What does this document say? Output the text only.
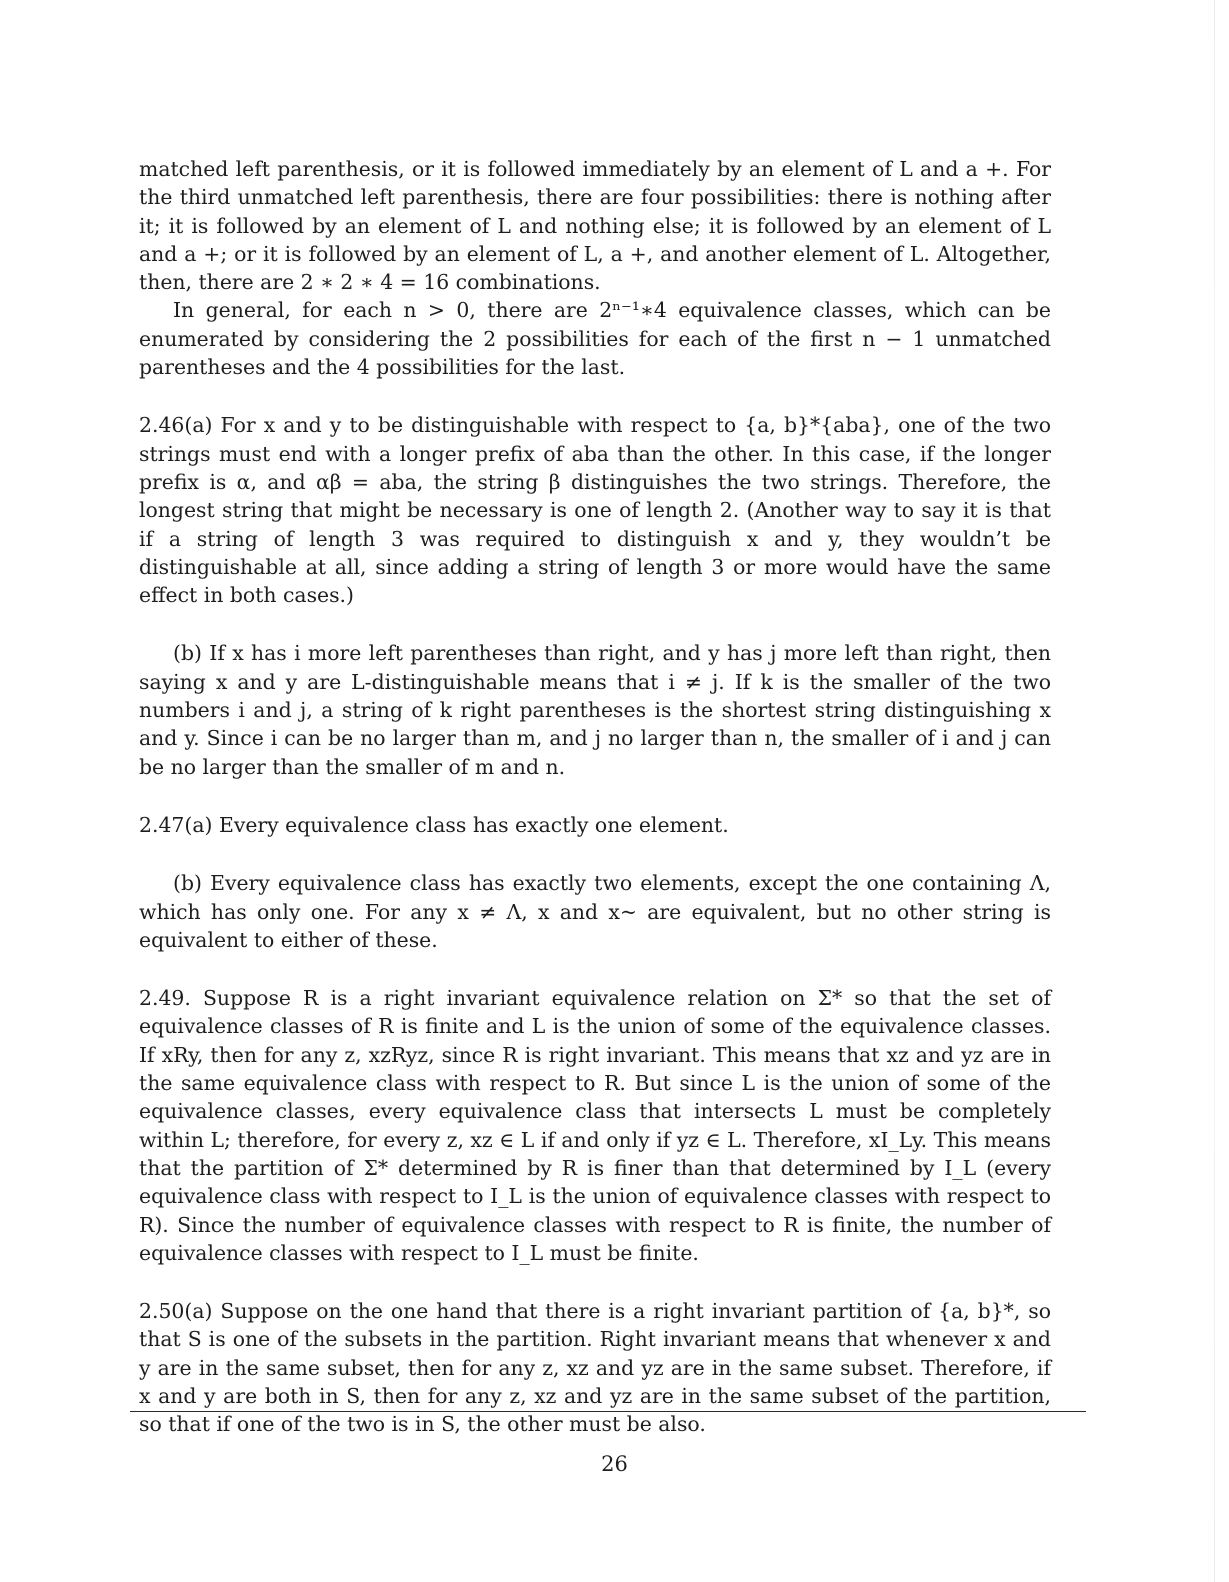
matched left parenthesis, or it is followed immediately by an element of L and a +. For the third unmatched left parenthesis, there are four possibilities: there is nothing after it; it is followed by an element of L and nothing else; it is followed by an element of L and a +; or it is followed by an element of L, a +, and another element of L. Altogether, then, there are 2 ∗ 2 ∗ 4 = 16 combinations.

In general, for each n > 0, there are 2ⁿ⁻¹∗4 equivalence classes, which can be enumerated by considering the 2 possibilities for each of the first n − 1 unmatched parentheses and the 4 possibilities for the last.

2.46(a) For x and y to be distinguishable with respect to {a, b}*{aba}, one of the two strings must end with a longer prefix of aba than the other. In this case, if the longer prefix is α, and αβ = aba, the string β distinguishes the two strings. Therefore, the longest string that might be necessary is one of length 2. (Another way to say it is that if a string of length 3 was required to distinguish x and y, they wouldn’t be distinguishable at all, since adding a string of length 3 or more would have the same effect in both cases.)

(b) If x has i more left parentheses than right, and y has j more left than right, then saying x and y are L-distinguishable means that i ≠ j. If k is the smaller of the two numbers i and j, a string of k right parentheses is the shortest string distinguishing x and y. Since i can be no larger than m, and j no larger than n, the smaller of i and j can be no larger than the smaller of m and n.

2.47(a) Every equivalence class has exactly one element.

(b) Every equivalence class has exactly two elements, except the one containing Λ, which has only one. For any x ≠ Λ, x and x~ are equivalent, but no other string is equivalent to either of these.

2.49. Suppose R is a right invariant equivalence relation on Σ* so that the set of equivalence classes of R is finite and L is the union of some of the equivalence classes. If xRy, then for any z, xzRyz, since R is right invariant. This means that xz and yz are in the same equivalence class with respect to R. But since L is the union of some of the equivalence classes, every equivalence class that intersects L must be completely within L; therefore, for every z, xz ∈ L if and only if yz ∈ L. Therefore, xI_Ly. This means that the partition of Σ* determined by R is finer than that determined by I_L (every equivalence class with respect to I_L is the union of equivalence classes with respect to R). Since the number of equivalence classes with respect to R is finite, the number of equivalence classes with respect to I_L must be finite.

2.50(a) Suppose on the one hand that there is a right invariant partition of {a, b}*, so that S is one of the subsets in the partition. Right invariant means that whenever x and y are in the same subset, then for any z, xz and yz are in the same subset. Therefore, if x and y are both in S, then for any z, xz and yz are in the same subset of the partition, so that if one of the two is in S, the other must be also.

26
